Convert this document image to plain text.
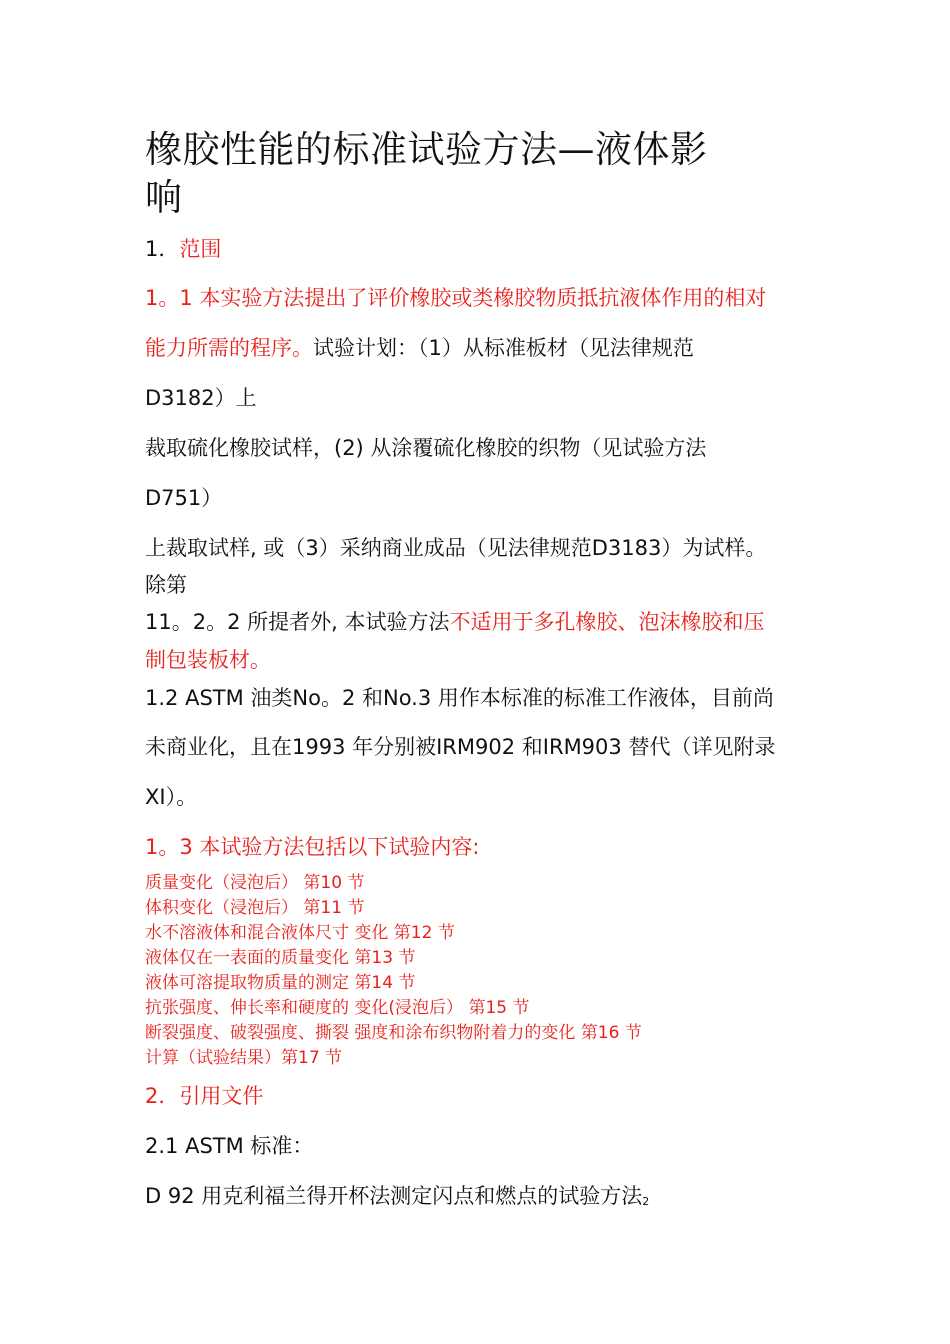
橡胶性能的标准试验方法—液体影
响
1．范围
1。1 本实验方法提出了评价橡胶或类橡胶物质抵抗液体作用的相对
能力所需的程序。试验计划：（1）从标准板材（见法律规范
D3182）上
裁取硫化橡胶试样，(2) 从涂覆硫化橡胶的织物（见试验方法
D751）
上裁取试样, 或（3）采纳商业成品（见法律规范D3183）为试样。
除第
11。2。2 所提者外, 本试验方法不适用于多孔橡胶、泡沫橡胶和压
制包装板材。
1.2 ASTM 油类No。2 和No.3 用作本标准的标准工作液体，目前尚
未商业化，且在1993 年分别被IRM902 和IRM903 替代（详见附录
XI）。
1。3 本试验方法包括以下试验内容:
质量变化（浸泡后） 第10 节
体积变化（浸泡后） 第11 节
水不溶液体和混合液体尺寸 变化 第12 节
液体仅在一表面的质量变化 第13 节
液体可溶提取物质量的测定 第14 节
抗张强度、伸长率和硬度的 变化(浸泡后） 第15 节
断裂强度、破裂强度、撕裂 强度和涂布织物附着力的变化 第16 节
计算（试验结果）第17 节
2．引用文件
2.1 ASTM 标准：
D 92 用克利福兰得开杯法测定闪点和燃点的试验方法$_2$
